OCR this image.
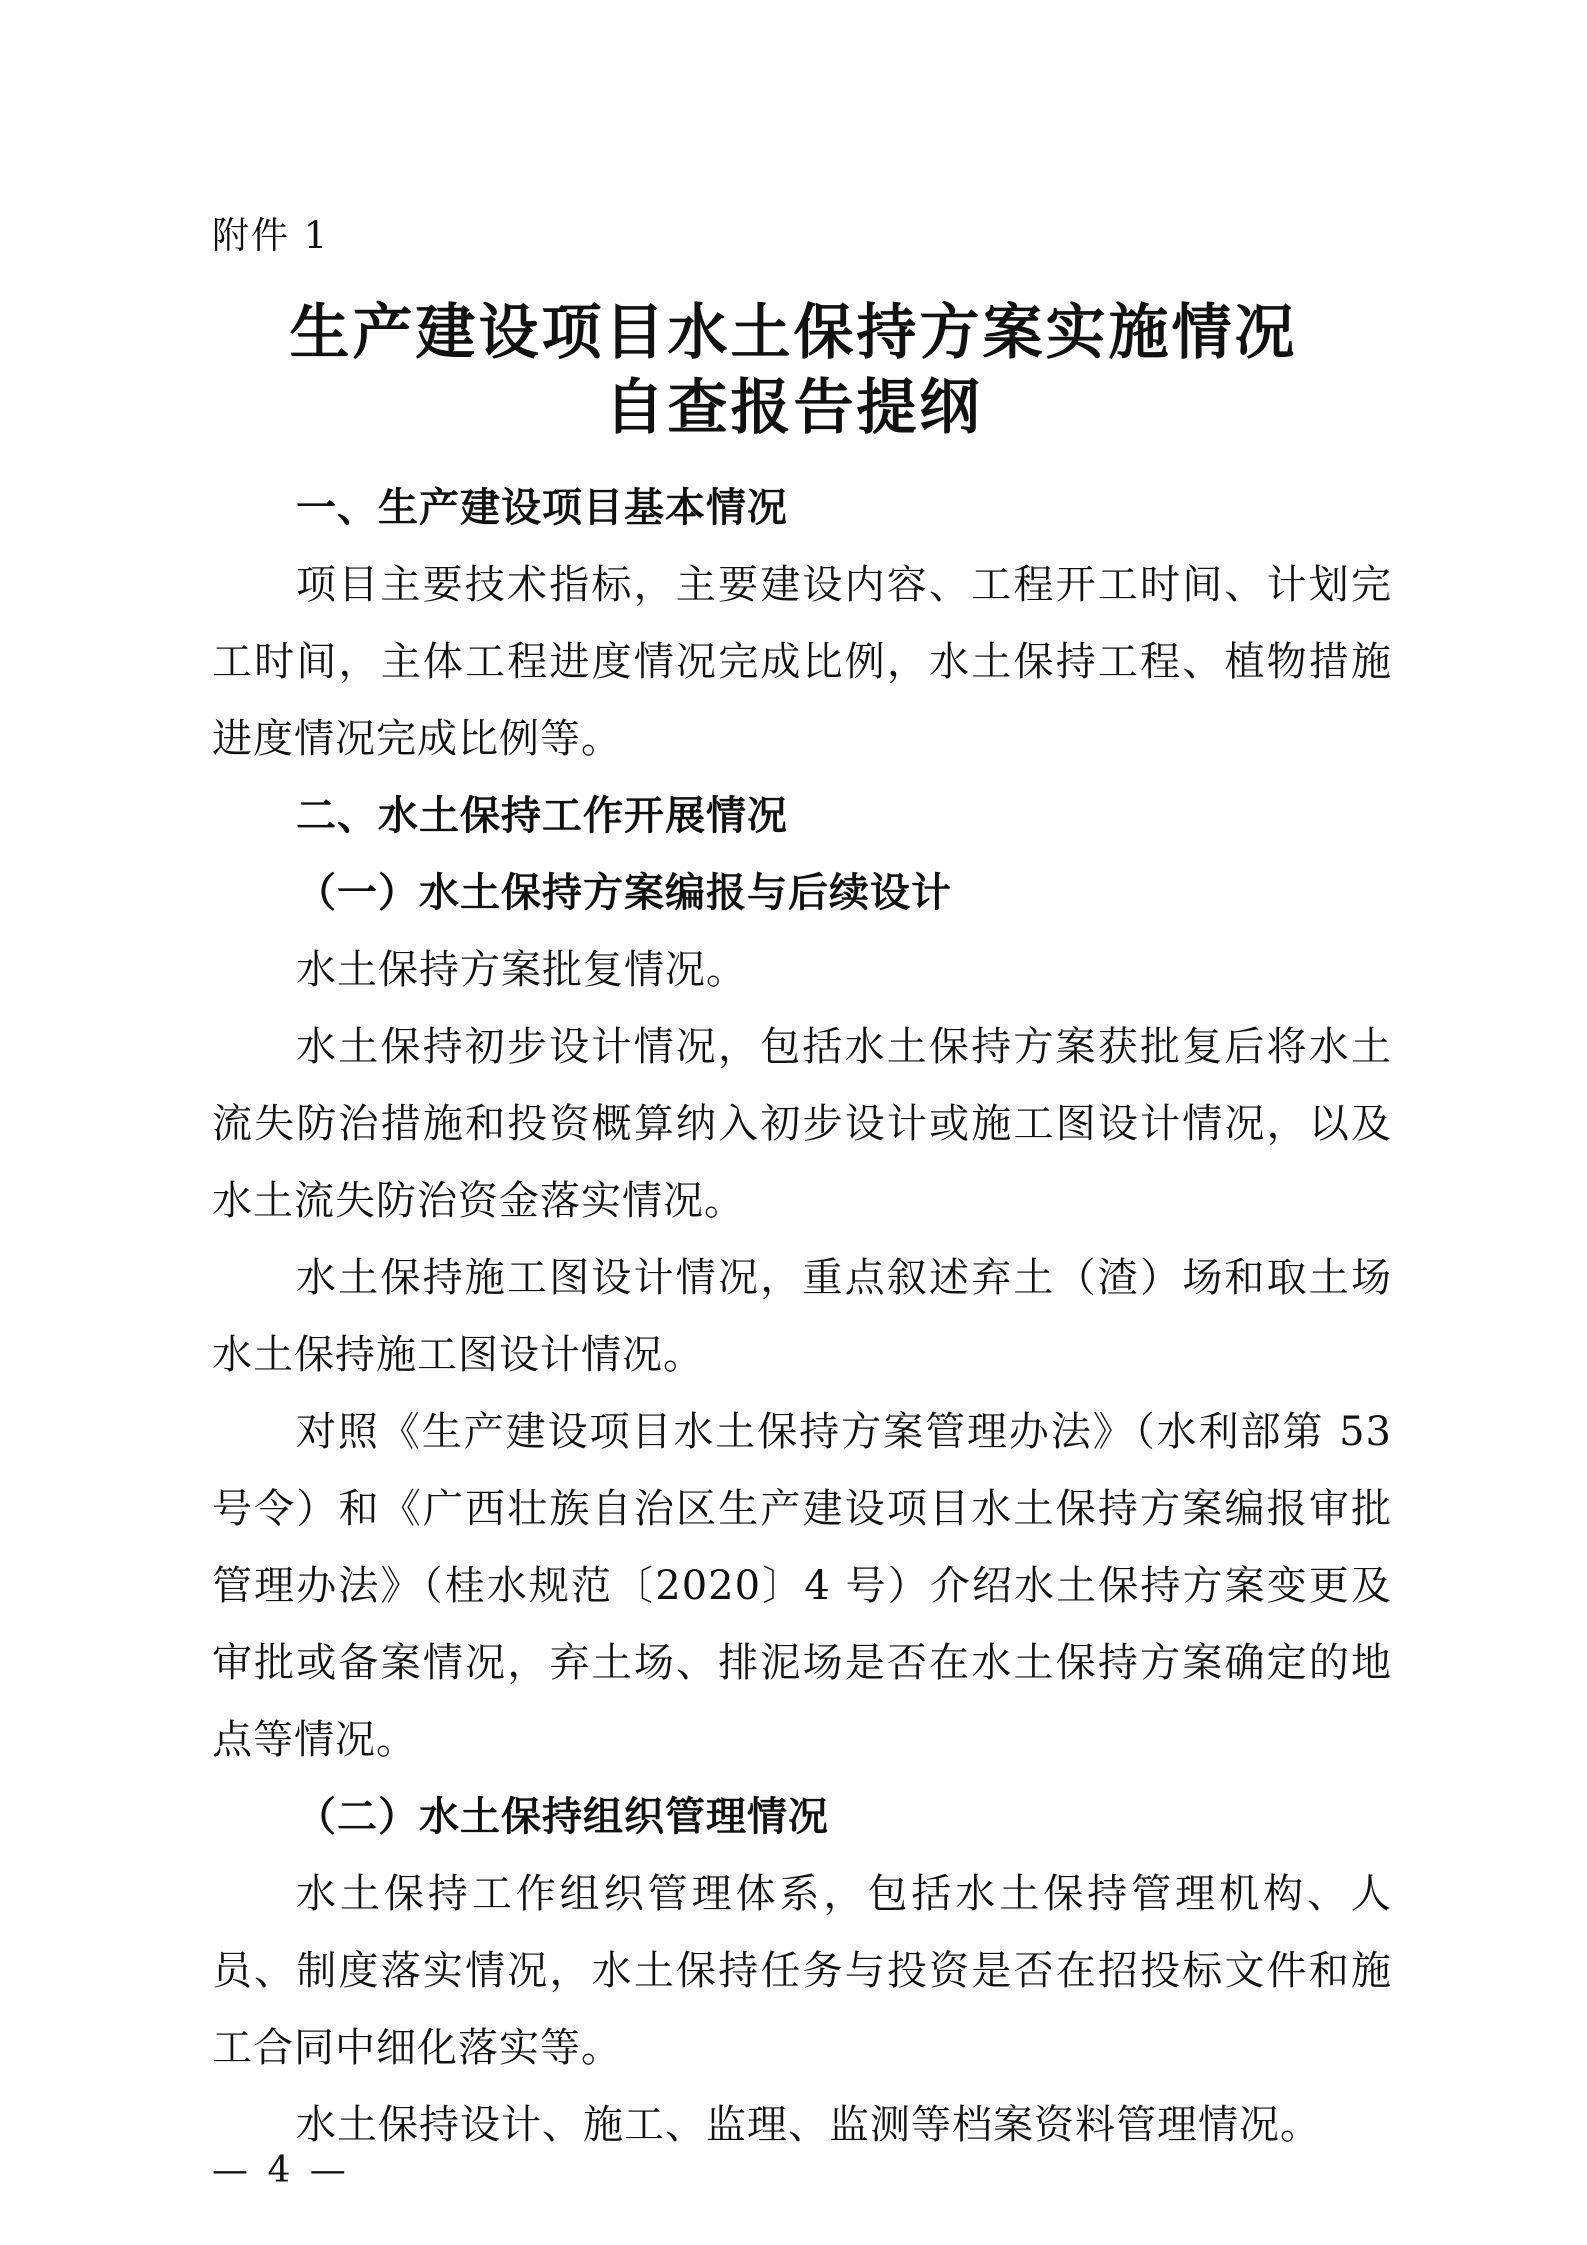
附件 1
生产建设项目水土保持方案实施情况
自查报告提纲

一、生产建设项目基本情况

项目主要技术指标，主要建设内容、工程开工时间、计划完工时间，主体工程进度情况完成比例，水土保持工程、植物措施进度情况完成比例等。

二、水土保持工作开展情况

（一）水土保持方案编报与后续设计

水土保持方案批复情况。

水土保持初步设计情况，包括水土保持方案获批复后将水土流失防治措施和投资概算纳入初步设计或施工图设计情况，以及水土流失防治资金落实情况。

水土保持施工图设计情况，重点叙述弃土（渣）场和取土场水土保持施工图设计情况。

对照《生产建设项目水土保持方案管理办法》（水利部第 53 号令）和《广西壮族自治区生产建设项目水土保持方案编报审批管理办法》（桂水规范〔2020〕4 号）介绍水土保持方案变更及审批或备案情况，弃土场、排泥场是否在水土保持方案确定的地点等情况。

（二）水土保持组织管理情况

水土保持工作组织管理体系，包括水土保持管理机构、人员、制度落实情况，水土保持任务与投资是否在招投标文件和施工合同中细化落实等。

水土保持设计、施工、监理、监测等档案资料管理情况。

— 4 —
